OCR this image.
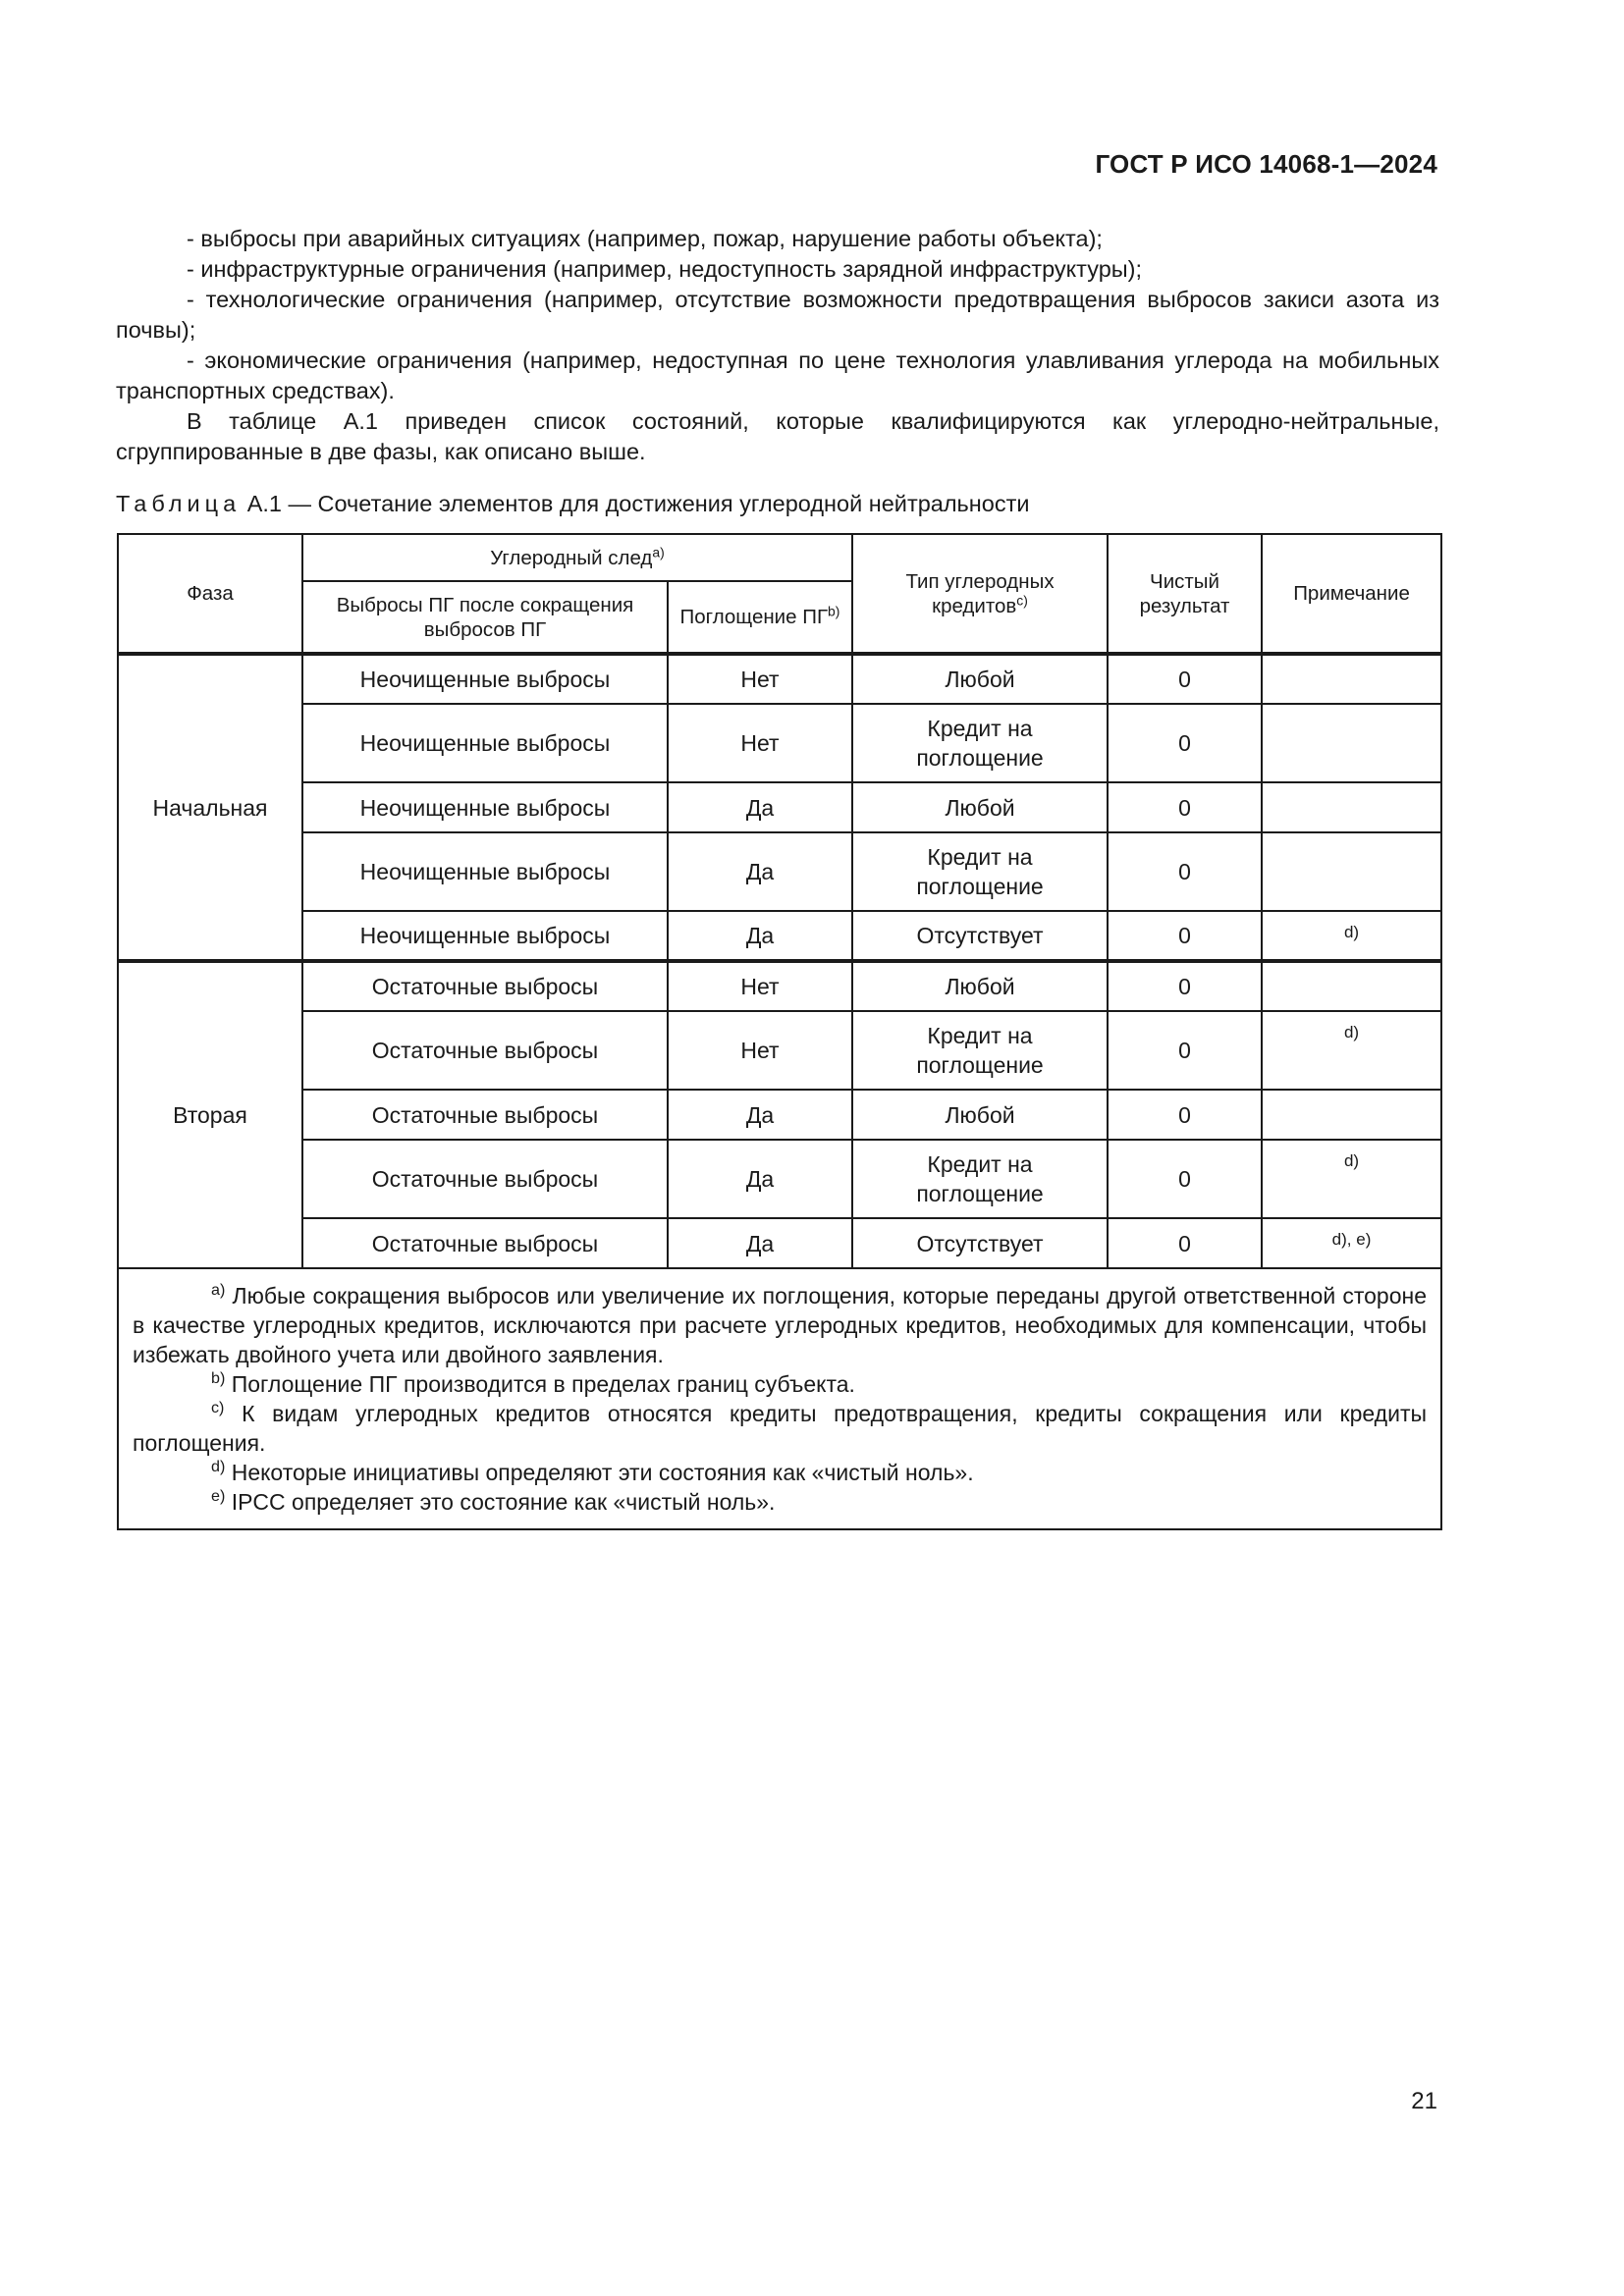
ГОСТ Р ИСО 14068-1—2024

- выбросы при аварийных ситуациях (например, пожар, нарушение работы объекта);

- инфраструктурные ограничения (например, недоступность зарядной инфраструктуры);

- технологические ограничения (например, отсутствие возможности предотвращения выбросов закиси азота из почвы);

- экономические ограничения (например, недоступная по цене технология улавливания углерода на мобильных транспортных средствах).

В таблице А.1 приведен список состояний, которые квалифицируются как углеродно-нейтральные, сгруппированные в две фазы, как описано выше.

Таблица А.1 — Сочетание элементов для достижения углеродной нейтральности
Фаза	Углеродный след$^{a)}$		Тип углеродных кредитов$^{c)}$	Чистый результат	Примечание
	Выбросы ПГ после сокращения выбросов ПГ	Поглощение ПГ$^{b)}$
Начальная	Неочищенные выбросы	Нет	Любой	0	
	Неочищенные выбросы	Нет	Кредит на поглощение	0	
	Неочищенные выбросы	Да	Любой	0	
	Неочищенные выбросы	Да	Кредит на поглощение	0	
	Неочищенные выбросы	Да	Отсутствует	0	d)
Вторая	Остаточные выбросы	Нет	Любой	0	
	Остаточные выбросы	Нет	Кредит на поглощение	0	d)
	Остаточные выбросы	Да	Любой	0	
	Остаточные выбросы	Да	Кредит на поглощение	0	d)
	Остаточные выбросы	Да	Отсутствует	0	d), e)

$^{a)}$ Любые сокращения выбросов или увеличение их поглощения, которые переданы другой ответственной стороне в качестве углеродных кредитов, исключаются при расчете углеродных кредитов, необходимых для компенсации, чтобы избежать двойного учета или двойного заявления.

$^{b)}$ Поглощение ПГ производится в пределах границ субъекта.

$^{c)}$ К видам углеродных кредитов относятся кредиты предотвращения, кредиты сокращения или кредиты поглощения.

$^{d)}$ Некоторые инициативы определяют эти состояния как «чистый ноль».

$^{e)}$ IPCC определяет это состояние как «чистый ноль».					

21
